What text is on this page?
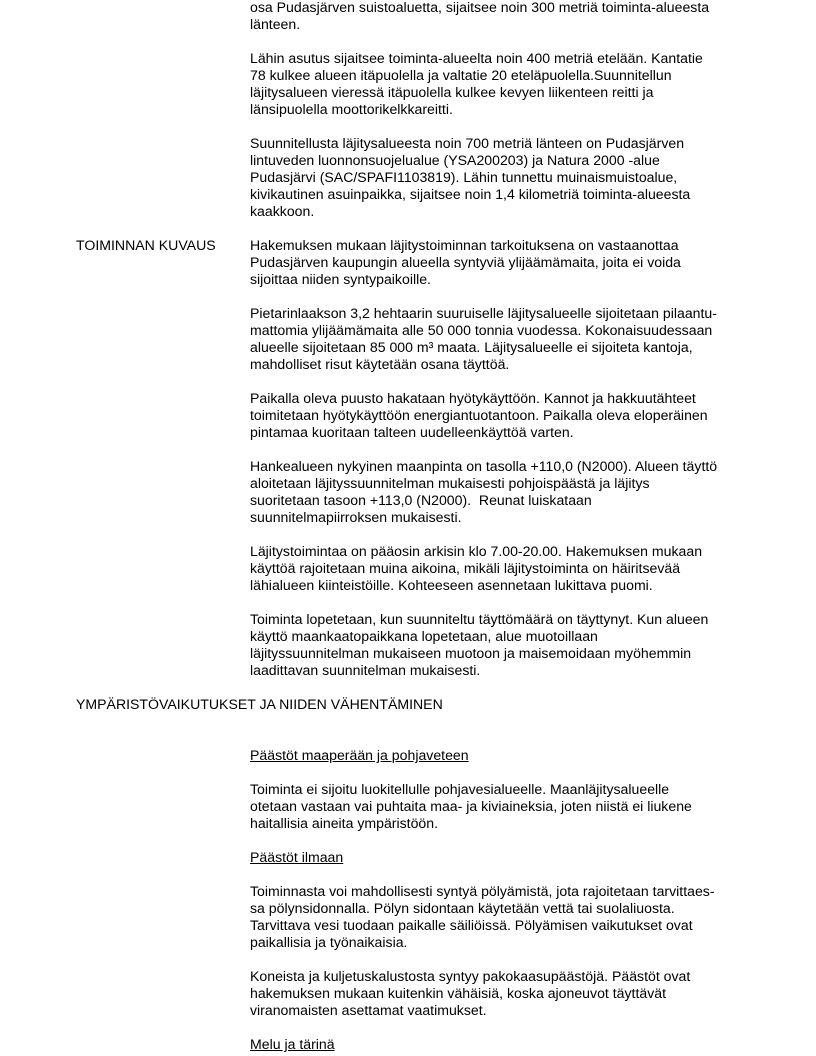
osa Pudasjärven suistoaluetta, sijaitsee noin 300 metriä toiminta-alueesta
länteen.

Lähin asutus sijaitsee toiminta-alueelta noin 400 metriä etelään. Kantatie
78 kulkee alueen itäpuolella ja valtatie 20 eteläpuolella.Suunnitellun
läjitysalueen vieressä itäpuolella kulkee kevyen liikenteen reitti ja
länsipuolella moottorikelkkareitti.

Suunnitellusta läjitysalueesta noin 700 metriä länteen on Pudasjärven
lintuveden luonnonsuojelualue (YSA200203) ja Natura 2000 -alue
Pudasjärvi (SAC/SPAFI1103819). Lähin tunnettu muinaismuistoalue,
kivikautinen asuinpaikka, sijaitsee noin 1,4 kilometriä toiminta-alueesta
kaakkoon.

TOIMINNAN KUVAUS Hakemuksen mukaan läjitystoiminnan tarkoituksena on vastaanottaa
Pudasjärven kaupungin alueella syntyviä ylijäämämaita, joita ei voida
sijoittaa niiden syntypaikoille.

Pietarinlaakson 3,2 hehtaarin suuruiselle läjitysalueelle sijoitetaan pilaantu-
mattomia ylijäämämaita alle 50 000 tonnia vuodessa. Kokonaisuudessaan
alueelle sijoitetaan 85 000 m³ maata. Läjitysalueelle ei sijoiteta kantoja,
mahdolliset risut käytetään osana täyttöä.

Paikalla oleva puusto hakataan hyötykäyttöön. Kannot ja hakkuutähteet
toimitetaan hyötykäyttöön energiantuotantoon. Paikalla oleva eloperäinen
pintamaa kuoritaan talteen uudelleenkäyttöä varten.

Hankealueen nykyinen maanpinta on tasolla +110,0 (N2000). Alueen täyttö
aloitetaan läjityssuunnitelman mukaisesti pohjoispäästä ja läjitys
suoritetaan tasoon +113,0 (N2000).  Reunat luiskataan
suunnitelmapiirroksen mukaisesti.

Läjitystoimintaa on pääosin arkisin klo 7.00-20.00. Hakemuksen mukaan
käyttöä rajoitetaan muina aikoina, mikäli läjitystoiminta on häiritsevää
lähialueen kiinteistöille. Kohteeseen asennetaan lukittava puomi.

Toiminta lopetetaan, kun suunniteltu täyttömäärä on täyttynyt. Kun alueen
käyttö maankaatopaikkana lopetetaan, alue muotoillaan
läjityssuunnitelman mukaiseen muotoon ja maisemoidaan myöhemmin
laadittavan suunnitelman mukaisesti.

YMPÄRISTÖVAIKUTUKSET JA NIIDEN VÄHENTÄMINEN
Päästöt maaperään ja pohjaveteen

Toiminta ei sijoitu luokitellulle pohjavesialueelle. Maanläjitysalueelle
otetaan vastaan vai puhtaita maa- ja kiviaineksia, joten niistä ei liukene
haitallisia aineita ympäristöön.

Päästöt ilmaan

Toiminnasta voi mahdollisesti syntyä pölyämistä, jota rajoitetaan tarvittaes-
sa pölynsidonnalla. Pölyn sidontaan käytetään vettä tai suolaliuosta.
Tarvittava vesi tuodaan paikalle säiliöissä. Pölyämisen vaikutukset ovat
paikallisia ja työnaikaisia.

Koneista ja kuljetuskalustosta syntyy pakokaasupäästöjä. Päästöt ovat
hakemuksen mukaan kuitenkin vähäisiä, koska ajoneuvot täyttävät
viranomaisten asettamat vaatimukset.

Melu ja tärinä
